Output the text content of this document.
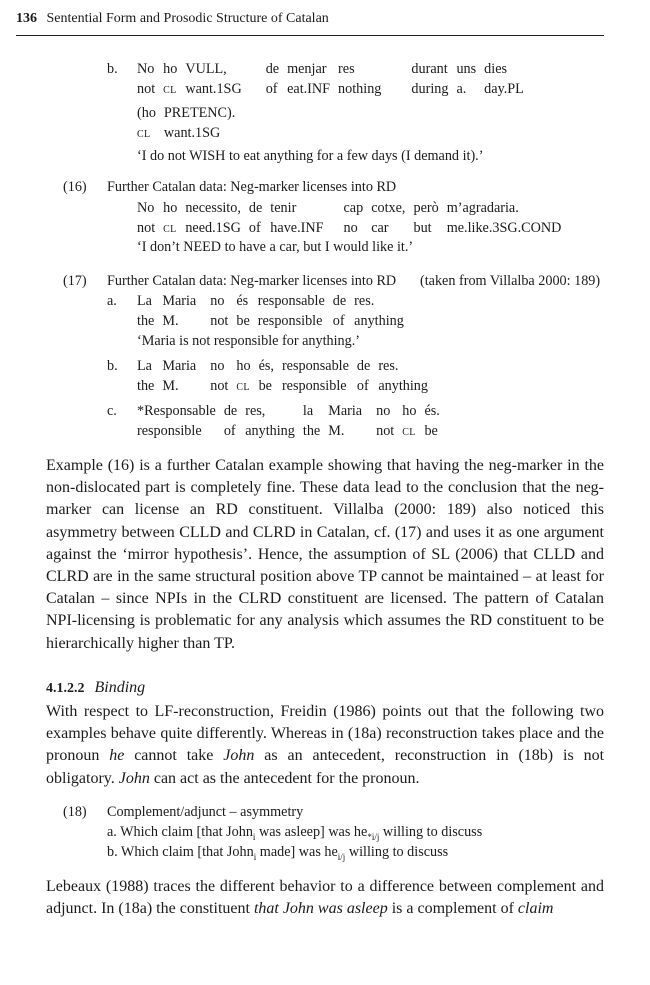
136 Sentential Form and Prosodic Structure of Catalan
b. No	ho	VULL,	de	menjar	res	durant	uns	dies
not	cl	want.1SG	of	eat.INF	nothing	during	a.	day.PL
(ho	PRETENC).
cl	want.1SG
‘I do not WISH to eat anything for a few days (I demand it).’
(16) Further Catalan data: Neg-marker licenses into RD
No	ho	necessito,	de	tenir	cap	cotxe,	però	m’agradaria.
not	cl	need.1SG	of	have.INF	no	car	but	me.like.3SG.COND
‘I don’t NEED to have a car, but I would like it.’
(17) Further Catalan data: Neg-marker licenses into RD (taken from Villalba 2000: 189)
a. La	Maria	no	és	responsable	de	res.
the	M.	not	be	responsible	of	anything
‘Maria is not responsible for anything.’
b. La	Maria	no	ho	és,	responsable	de	res.
the	M.	not	cl	be	responsible	of	anything
c. *Responsable	de	res,	la	Maria	no	ho	és.
responsible	of	anything	the	M.	not	cl	be

Example (16) is a further Catalan example showing that having the neg-marker in the non-dislocated part is completely fine. These data lead to the conclusion that the neg-marker can license an RD constituent. Villalba (2000: 189) also noticed this asymmetry between CLLD and CLRD in Catalan, cf. (17) and uses it as one argument against the ‘mirror hypothesis’. Hence, the assumption of SL (2006) that CLLD and CLRD are in the same structural position above TP cannot be maintained – at least for Catalan – since NPIs in the CLRD constituent are licensed. The pattern of Catalan NPI-licensing is problematic for any analysis which assumes the RD constituent to be hierarchically higher than TP.

4.1.2.2 Binding

With respect to LF-reconstruction, Freidin (1986) points out that the following two examples behave quite differently. Whereas in (18a) reconstruction takes place and the pronoun he cannot take John as an antecedent, reconstruction in (18b) is not obligatory. John can act as the antecedent for the pronoun.

(18) Complement/adjunct – asymmetry
a. Which claim [that John$_i$ was asleep] was $he_{*i/j}$ willing to discuss
b. Which claim [that John$_i$ made] was $he_{i/j}$ willing to discuss

Lebeaux (1988) traces the different behavior to a difference between complement and adjunct. In (18a) the constituent that John was asleep is a complement of claim
